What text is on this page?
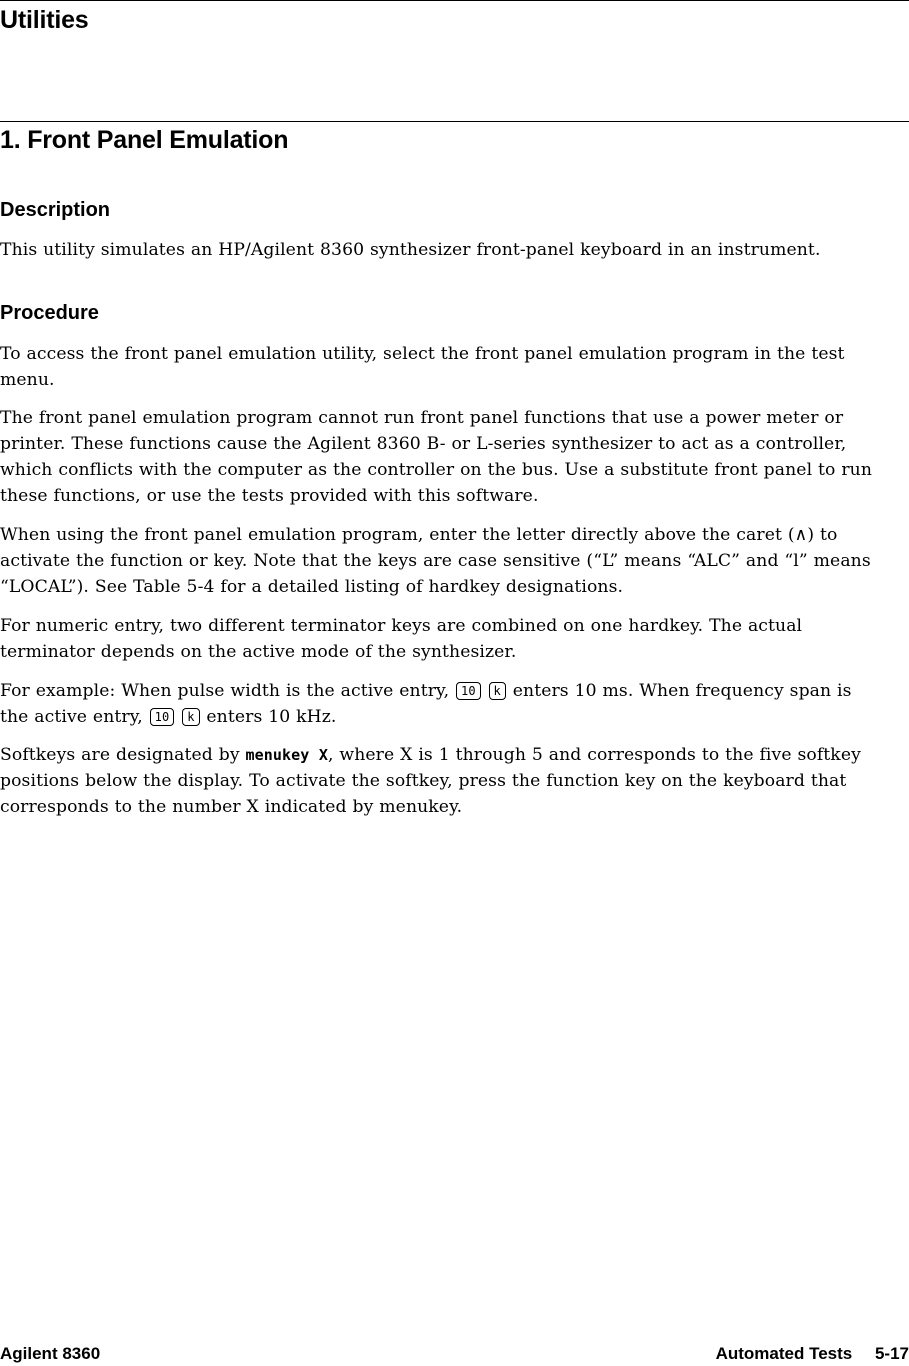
Utilities
1. Front Panel Emulation
Description

This utility simulates an HP/Agilent 8360 synthesizer front-panel keyboard in an instrument.

Procedure

To access the front panel emulation utility, select the front panel emulation program in the test menu.

The front panel emulation program cannot run front panel functions that use a power meter or printer. These functions cause the Agilent 8360 B- or L-series synthesizer to act as a controller, which conflicts with the computer as the controller on the bus. Use a substitute front panel to run these functions, or use the tests provided with this software.

When using the front panel emulation program, enter the letter directly above the caret (∧) to activate the function or key. Note that the keys are case sensitive (“L” means “ALC” and “l” means “LOCAL”). See Table 5-4 for a detailed listing of hardkey designations.

For numeric entry, two different terminator keys are combined on one hardkey. The actual terminator depends on the active mode of the synthesizer.

For example: When pulse width is the active entry, 10 k enters 10 ms. When frequency span is the active entry, 10 k enters 10 kHz.

Softkeys are designated by menukey X, where X is 1 through 5 and corresponds to the five softkey positions below the display. To activate the softkey, press the function key on the keyboard that corresponds to the number X indicated by menukey.

Agilent 8360	Automated Tests 5-17
